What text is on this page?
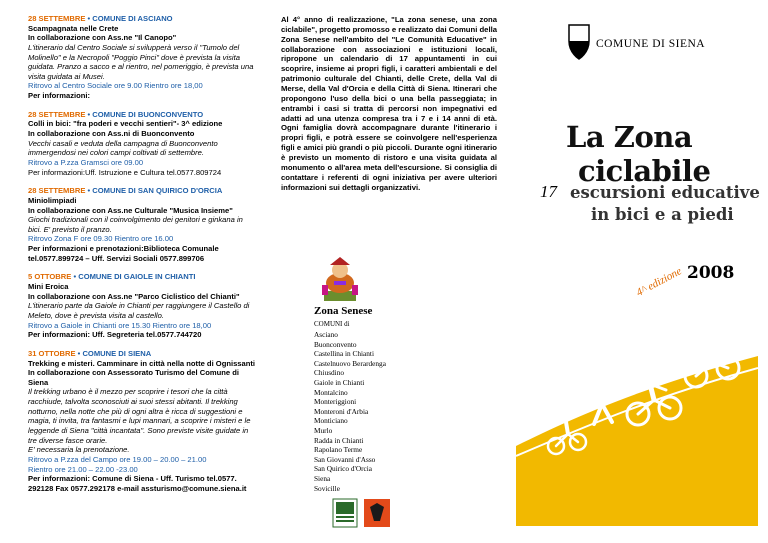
28 SETTEMBRE • COMUNE DI ASCIANO
Scampagnata nelle Crete
In collaborazione con Ass.ne "Il Canopo"
L'itinerario dal Centro Sociale si svilupperà verso il "Tumolo del Molinello" e la Necropoli "Poggio Pinci" dove è prevista la visita guidata. Pranzo a sacco e al rientro, nel pomeriggio, è prevista una visita guidata ai Musei.
Ritrovo al Centro Sociale ore 9.00 Rientro ore 18,00
Per informazioni:
28 SETTEMBRE • COMUNE DI BUONCONVENTO
Colli in bici: "fra poderi e vecchi sentieri"- 3^ edizione
In collaborazione con Ass.ni di Buonconvento
Vecchi casali e veduta della campagna di Buonconvento immergendosi nei colori campi coltivati di settembre.
Ritrovo a P.zza Gramsci ore 09.00
Per informazioni:Uff. Istruzione e Cultura tel.0577.809724
28 SETTEMBRE • COMUNE DI SAN QUIRICO D'ORCIA
Miniolimpiadi
In collaborazione con Ass.ne Culturale "Musica Insieme"
Giochi tradizionali con il coinvolgimento dei genitori e ginkana in bici. E' previsto il pranzo.
Ritrovo Zona F ore 09.30 Rientro ore 16.00
Per informazioni e prenotazioni:Biblioteca Comunale tel.0577.899724 – Uff. Servizi Sociali 0577.899706
5 OTTOBRE • COMUNE DI GAIOLE IN CHIANTI
Mini Eroica
In collaborazione con Ass.ne "Parco Ciclistico del Chianti"
L'itinerario parte da Gaiole in Chianti per raggiungere il Castello di Meleto, dove è prevista visita al castello.
Ritrovo a Gaiole in Chianti ore 15.30 Rientro ore 18,00
Per informazioni: Uff. Segreteria tel.0577.744720
31 OTTOBRE • COMUNE DI SIENA
Trekking e misteri. Camminare in città nella notte di Ognissanti
In collaborazione con Assessorato Turismo del Comune di Siena
Il trekking urbano è il mezzo per scoprire i tesori che la città racchiude, talvolta sconosciuti ai suoi stessi abitanti. Il trekking notturno, nella notte che più di ogni altra è ricca di suggestioni e magia, ti invita, tra fantasmi e lupi mannari, a scoprire i misteri e le leggende di Siena "città incantata". Sono previste visite guidate in tre diverse fasce orarie.
E' necessaria la prenotazione.
Ritrovo a P.zza del Campo ore 19.00 – 20.00 – 21.00
Rientro ore 21.00 – 22.00 -23.00
Per informazioni: Comune di Siena - Uff. Turismo tel.0577. 292128 Fax 0577.292178 e-mail assturismo@comune.siena.it
Al 4° anno di realizzazione, "La zona senese, una zona ciclabile", progetto promosso e realizzato dai Comuni della Zona Senese nell'ambito del "Le Comunità Educative" in collaborazione con associazioni e istituzioni locali, ripropone un calendario di 17 appuntamenti in cui scoprire, insieme ai propri figli, i caratteri ambientali e del patrimonio culturale del Chianti, delle Crete, della Val di Merse, della Val d'Orcia e della Città di Siena. Itinerari che propongono l'uso della bici o una bella passeggiata; in entrambi i casi si tratta di percorsi non impegnativi ed adatti ad una utenza compresa tra i 7 e i 14 anni di età. Ogni famiglia dovrà accompagnare durante l'itinerario i propri figli, e potrà essere se coinvolgere nell'esperienza figli e amici più grandi o più piccoli. Durante ogni itinerario è previsto un momento di ristoro e una visita guidata al monumento o all'area meta dell'escursione. Si consiglia di contattare i referenti di ogni iniziativa per avere ulteriori informazioni sui dettagli organizzativi.
Zona Senese
COMUNI di
Asciano
Buonconvento
Castellina in Chianti
Castelnuovo Berardenga
Chiusdino
Gaiole in Chianti
Montalcino
Monteriggioni
Monteroni d'Arbia
Monticiano
Murlo
Radda in Chianti
Rapolano Terme
San Giovanni d'Asso
San Quirico d'Orcia
Siena
Sovicille
COMUNE DI SIENA
La Zona
ciclabile
17 escursioni educative
in bici e a piedi
2008
4^ edizione
